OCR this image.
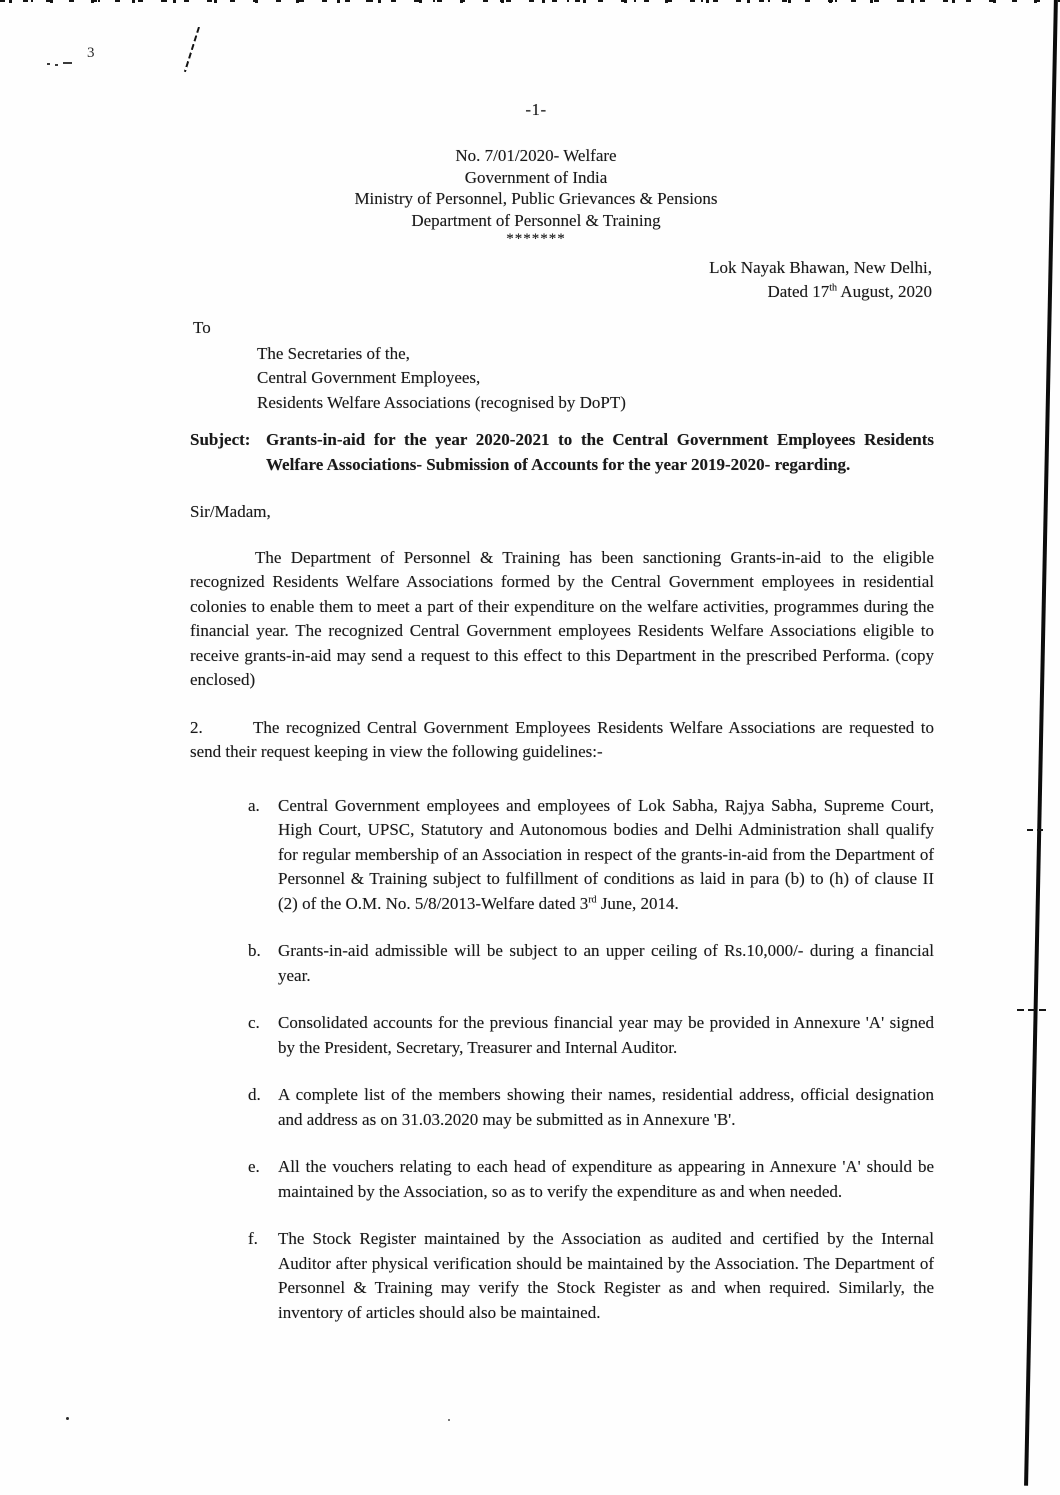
3
-1-
No. 7/01/2020- Welfare
Government of India
Ministry of Personnel, Public Grievances & Pensions
Department of Personnel & Training
*******
Lok Nayak Bhawan, New Delhi,
Dated 17th August, 2020
To
The Secretaries of the,
Central Government Employees,
Residents Welfare Associations (recognised by DoPT)
Subject: Grants-in-aid for the year 2020-2021 to the Central Government Employees Residents Welfare Associations- Submission of Accounts for the year 2019-2020- regarding.
Sir/Madam,

The Department of Personnel & Training has been sanctioning Grants-in-aid to the eligible recognized Residents Welfare Associations formed by the Central Government employees in residential colonies to enable them to meet a part of their expenditure on the welfare activities, programmes during the financial year. The recognized Central Government employees Residents Welfare Associations eligible to receive grants-in-aid may send a request to this effect to this Department in the prescribed Performa. (copy enclosed)

2.	The recognized Central Government Employees Residents Welfare Associations are requested to send their request keeping in view the following guidelines:-

a. Central Government employees and employees of Lok Sabha, Rajya Sabha, Supreme Court, High Court, UPSC, Statutory and Autonomous bodies and Delhi Administration shall qualify for regular membership of an Association in respect of the grants-in-aid from the Department of Personnel & Training subject to fulfillment of conditions as laid in para (b) to (h) of clause II (2) of the O.M. No. 5/8/2013-Welfare dated 3rd June, 2014.
b. Grants-in-aid admissible will be subject to an upper ceiling of Rs.10,000/- during a financial year.
c. Consolidated accounts for the previous financial year may be provided in Annexure 'A' signed by the President, Secretary, Treasurer and Internal Auditor.
d. A complete list of the members showing their names, residential address, official designation and address as on 31.03.2020 may be submitted as in Annexure 'B'.
e. All the vouchers relating to each head of expenditure as appearing in Annexure 'A' should be maintained by the Association, so as to verify the expenditure as and when needed.
f. The Stock Register maintained by the Association as audited and certified by the Internal Auditor after physical verification should be maintained by the Association. The Department of Personnel & Training may verify the Stock Register as and when required. Similarly, the inventory of articles should also be maintained.
